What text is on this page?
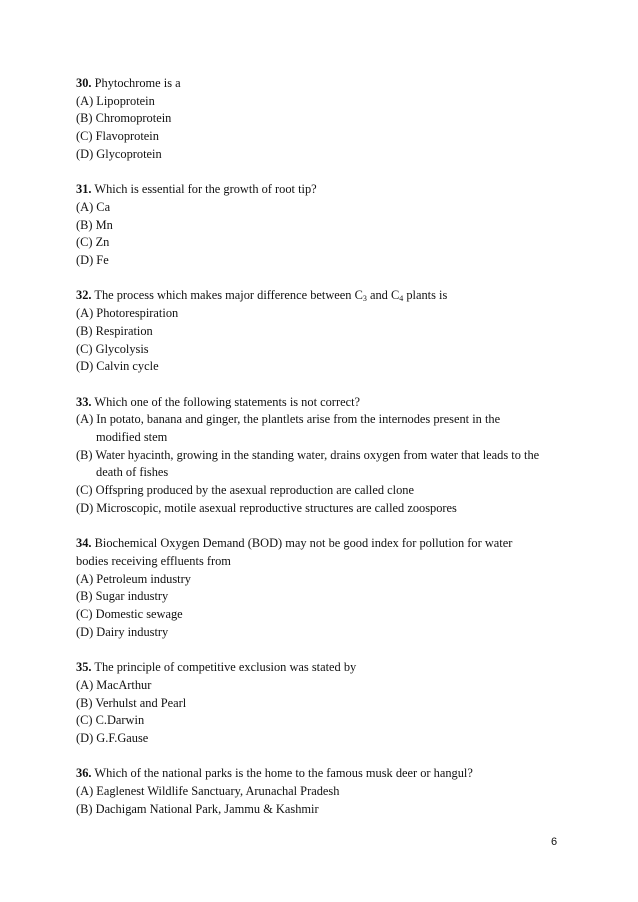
30. Phytochrome is a
(A) Lipoprotein
(B) Chromoprotein
(C) Flavoprotein
(D) Glycoprotein
31. Which is essential for the growth of root tip?
(A) Ca
(B) Mn
(C) Zn
(D) Fe
32. The process which makes major difference between $C_3$ and $C_4$ plants is
(A) Photorespiration
(B) Respiration
(C) Glycolysis
(D) Calvin cycle
33. Which one of the following statements is not correct?
(A) In potato, banana and ginger, the plantlets arise from the internodes present in the
modified stem
(B) Water hyacinth, growing in the standing water, drains oxygen from water that leads to the
death of fishes
(C) Offspring produced by the asexual reproduction are called clone
(D) Microscopic, motile asexual reproductive structures are called zoospores
34. Biochemical Oxygen Demand (BOD) may not be good index for pollution for water
bodies receiving effluents from
(A) Petroleum industry
(B) Sugar industry
(C) Domestic sewage
(D) Dairy industry
35. The principle of competitive exclusion was stated by
(A) MacArthur
(B) Verhulst and Pearl
(C) C.Darwin
(D) G.F.Gause
36. Which of the national parks is the home to the famous musk deer or hangul?
(A) Eaglenest Wildlife Sanctuary, Arunachal Pradesh
(B) Dachigam National Park, Jammu & Kashmir
6
